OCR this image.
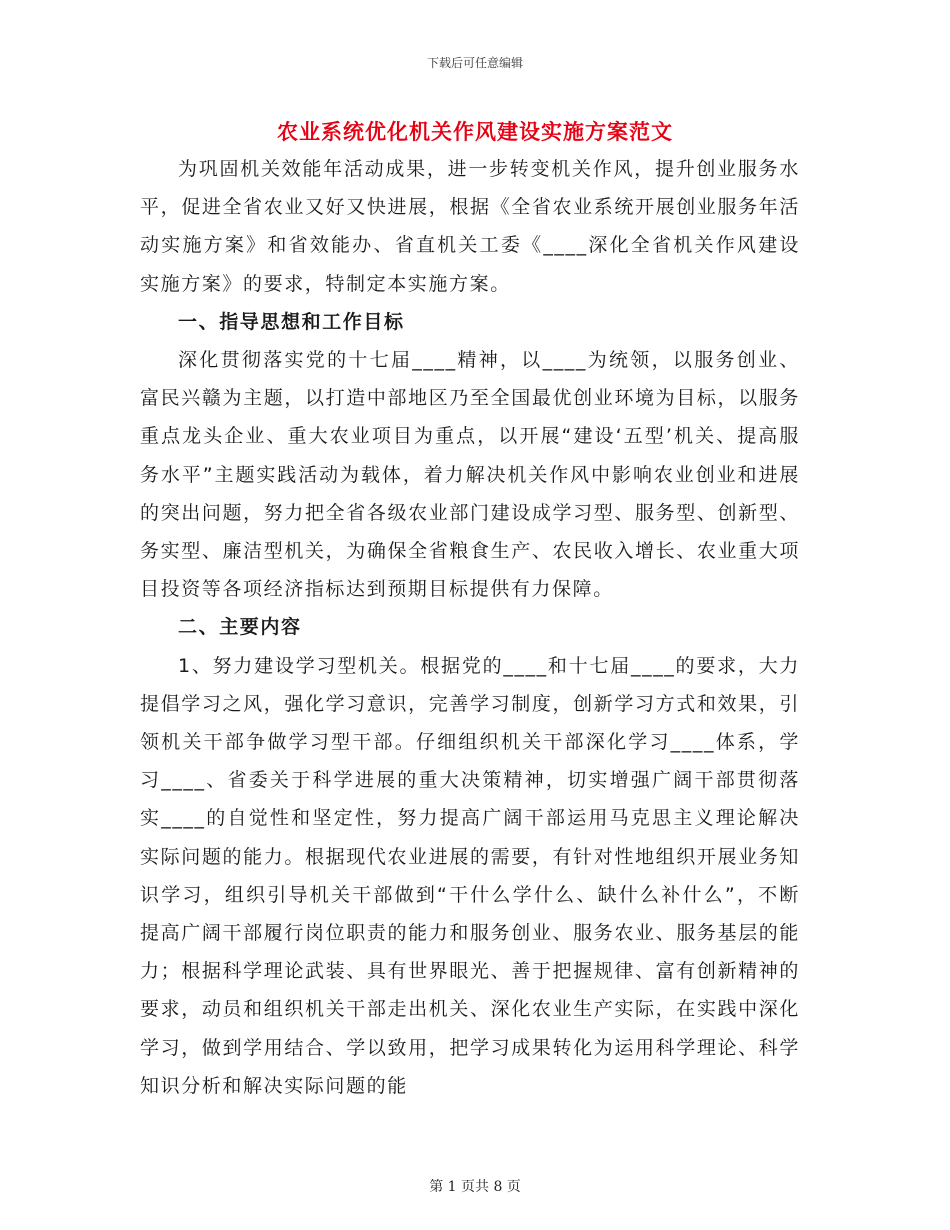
下载后可任意编辑
农业系统优化机关作风建设实施方案范文

为巩固机关效能年活动成果，进一步转变机关作风，提升创业服务水平，促进全省农业又好又快进展，根据《全省农业系统开展创业服务年活动实施方案》和省效能办、省直机关工委《____深化全省机关作风建设实施方案》的要求，特制定本实施方案。

一、指导思想和工作目标

深化贯彻落实党的十七届____精神，以____为统领，以服务创业、富民兴赣为主题，以打造中部地区乃至全国最优创业环境为目标，以服务重点龙头企业、重大农业项目为重点，以开展“建设‘五型’机关、提高服务水平”主题实践活动为载体，着力解决机关作风中影响农业创业和进展的突出问题，努力把全省各级农业部门建设成学习型、服务型、创新型、务实型、廉洁型机关，为确保全省粮食生产、农民收入增长、农业重大项目投资等各项经济指标达到预期目标提供有力保障。

二、主要内容

1、努力建设学习型机关。根据党的____和十七届____的要求，大力提倡学习之风，强化学习意识，完善学习制度，创新学习方式和效果，引领机关干部争做学习型干部。仔细组织机关干部深化学习____体系，学习____、省委关于科学进展的重大决策精神，切实增强广阔干部贯彻落实____的自觉性和坚定性，努力提高广阔干部运用马克思主义理论解决实际问题的能力。根据现代农业进展的需要，有针对性地组织开展业务知识学习，组织引导机关干部做到“干什么学什么、缺什么补什么”，不断提高广阔干部履行岗位职责的能力和服务创业、服务农业、服务基层的能力；根据科学理论武装、具有世界眼光、善于把握规律、富有创新精神的要求，动员和组织机关干部走出机关、深化农业生产实际，在实践中深化学习，做到学用结合、学以致用，把学习成果转化为运用科学理论、科学知识分析和解决实际问题的能

第 1 页共 8 页
